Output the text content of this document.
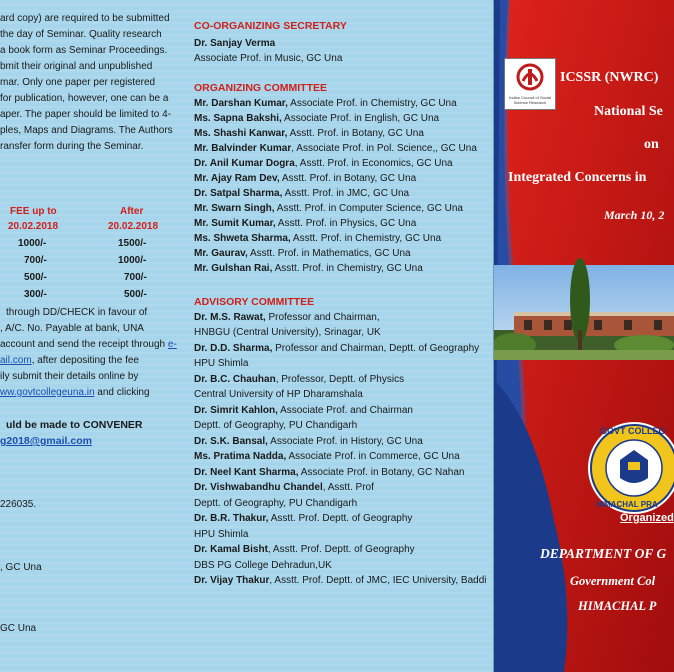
ard copy) are required to be submitted
the day of Seminar. Quality research
a book form as Seminar Proceedings.
bmit their original and unpublished
mar. Only one paper per registered
for publication, however, one can be a
aper. The paper should be limited to 4-
ples, Maps and Diagrams. The Authors
ransfer form during the Seminar.
FEE up to	After
20.02.2018	20.02.2018
1000/-	1500/-
700/-	1000/-
500/-	700/-
300/-	500/-
through DD/CHECK in favour of
, A/C. No. Payable at bank, UNA
account and send the receipt through e-
ail.com, after depositing the fee
ily submit their details online by
ww.govtcollegeuna.in and clicking
uld be made to CONVENER
g2018@gmail.com
226035.
, GC Una
GC Una
CO-ORGANIZING SECRETARY
Dr. Sanjay Verma
Associate Prof. in Music, GC Una
ORGANIZING COMMITTEE
Mr. Darshan Kumar, Associate Prof. in Chemistry, GC Una
Ms. Sapna Bakshi, Associate Prof. in English, GC Una
Ms. Shashi Kanwar, Asstt. Prof. in Botany, GC Una
Mr. Balvinder Kumar, Associate Prof. in Pol. Science,, GC Una
Dr. Anil Kumar Dogra, Asstt. Prof. in Economics, GC Una
Mr. Ajay Ram Dev, Asstt. Prof. in Botany, GC Una
Dr. Satpal Sharma, Asstt. Prof. in JMC, GC Una
Mr. Swarn Singh, Asstt. Prof. in Computer Science, GC Una
Mr. Sumit Kumar, Asstt. Prof. in Physics, GC Una
Ms. Shweta Sharma, Asstt. Prof. in Chemistry, GC Una
Mr. Gaurav, Asstt. Prof. in Mathematics, GC Una
Mr. Gulshan Rai, Asstt. Prof. in Chemistry, GC Una
ADVISORY COMMITTEE
Dr. M.S. Rawat, Professor and Chairman,
HNBGU (Central University), Srinagar, UK
Dr. D.D. Sharma, Professor and Chairman, Deptt. of Geography
HPU Shimla
Dr. B.C. Chauhan, Professor, Deptt. of Physics
Central University of HP Dharamshala
Dr. Simrit Kahlon, Associate Prof. and Chairman
Deptt. of Geography, PU Chandigarh
Dr. S.K. Bansal, Associate Prof. in History, GC Una
Ms. Pratima Nadda, Associate Prof. in Commerce, GC Una
Dr. Neel Kant Sharma, Associate Prof. in Botany, GC Nahan
Dr. Vishwabandhu Chandel, Asstt. Prof
Deptt. of Geography, PU Chandigarh
Dr. B.R. Thakur, Asstt. Prof. Deptt. of Geography
HPU Shimla
Dr. Kamal Bisht, Asstt. Prof. Deptt. of Geography
DBS PG College Dehradun,UK
Dr. Vijay Thakur, Asstt. Prof. Deptt. of JMC, IEC University, Baddi
Indian Council of Social Science Research
ICSSR (NWRC)
National Se
on
Integrated Concerns in
March 10, 2
GOVT COLLEG
HIMACHAL PRA
Organized
DEPARTMENT OF G
Government Col
HIMACHAL P
